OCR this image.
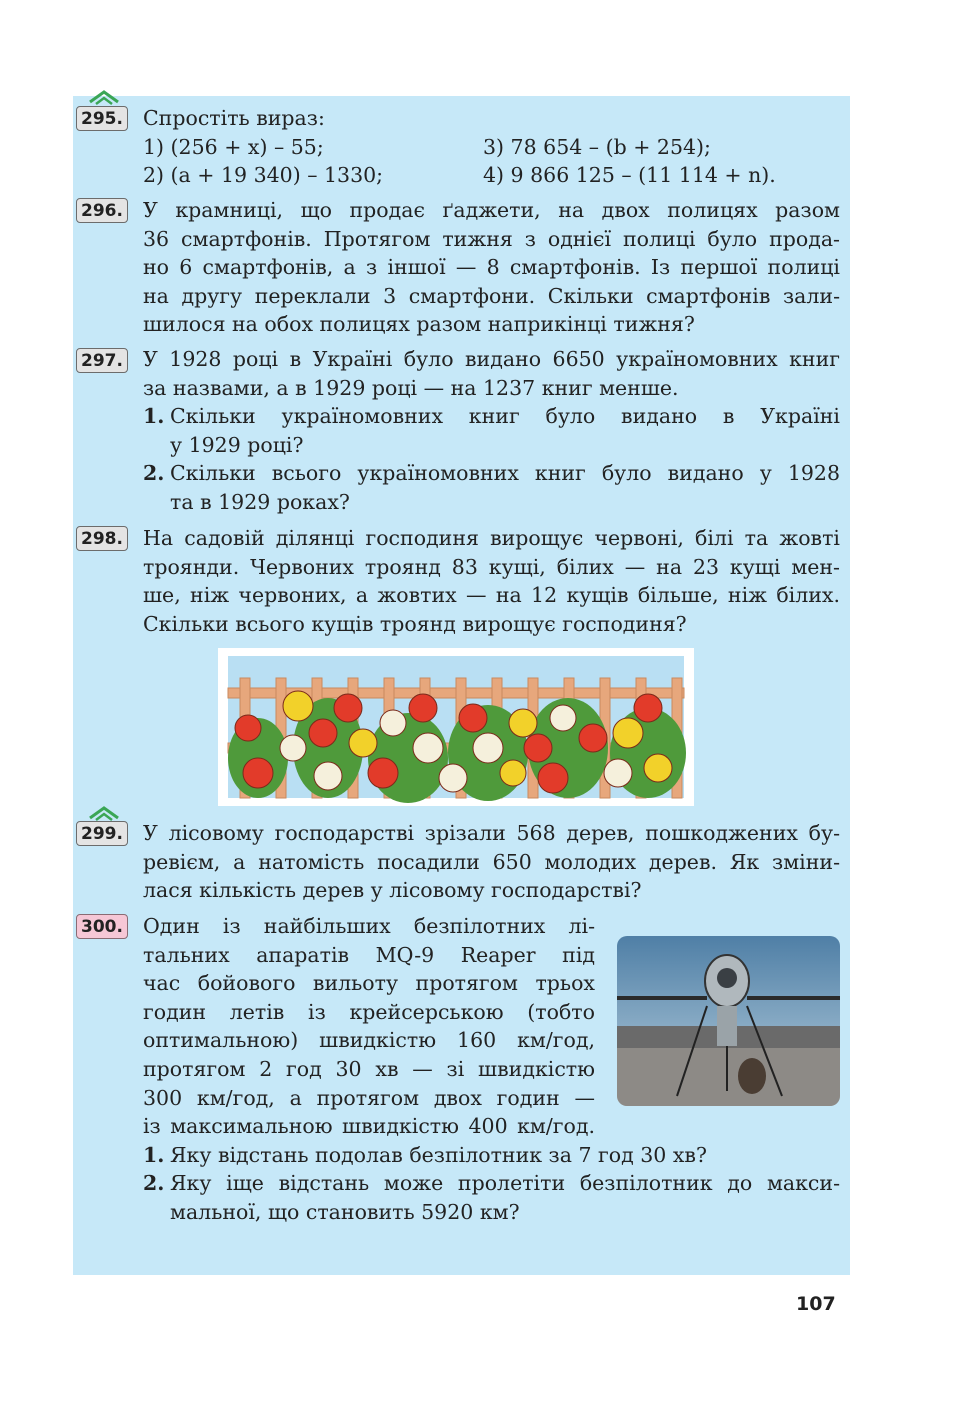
295. Спростіть вираз:
1) (256 + x) – 55;	3) 78 654 – (b + 254);
2) (a + 19 340) – 1330;	4) 9 866 125 – (11 114 + n).
296. У крамниці, що продає ґаджети, на двох полицях разом
36 смартфонів. Протягом тижня з однієї полиці було прода-
но 6 смартфонів, а з іншої — 8 смартфонів. Із першої полиці
на другу переклали 3 смартфони. Скільки смартфонів зали-
шилося на обох полицях разом наприкінці тижня?
297. У 1928 році в Україні було видано 6650 україномовних книг
за назвами, а в 1929 році — на 1237 книг менше.
1. Скільки україномовних книг було видано в Україні
у 1929 році?
2. Скільки всього україномовних книг було видано у 1928
та в 1929 роках?
298. На садовій ділянці господиня вирощує червоні, білі та жовті
троянди. Червоних троянд 83 кущі, білих — на 23 кущі мен-
ше, ніж червоних, а жовтих — на 12 кущів більше, ніж білих.
Скільки всього кущів троянд вирощує господиня?
299. У лісовому господарстві зрізали 568 дерев, пошкоджених бу-
ревієм, а натомість посадили 650 молодих дерев. Як зміни-
лася кількість дерев у лісовому господарстві?
300. Один із найбільших безпілотних лі-
тальних апаратів MQ-9 Reaper під
час бойового вильоту протягом трьох
годин летів із крейсерською (тобто
оптимальною) швидкістю 160 км/год,
протягом 2 год 30 хв — зі швидкістю
300 км/год, а протягом двох годин —
із максимальною швидкістю 400 км/год.
1. Яку відстань подолав безпілотник за 7 год 30 хв?
2. Яку іще відстань може пролетіти безпілотник до макси-
мальної, що становить 5920 км?
107
